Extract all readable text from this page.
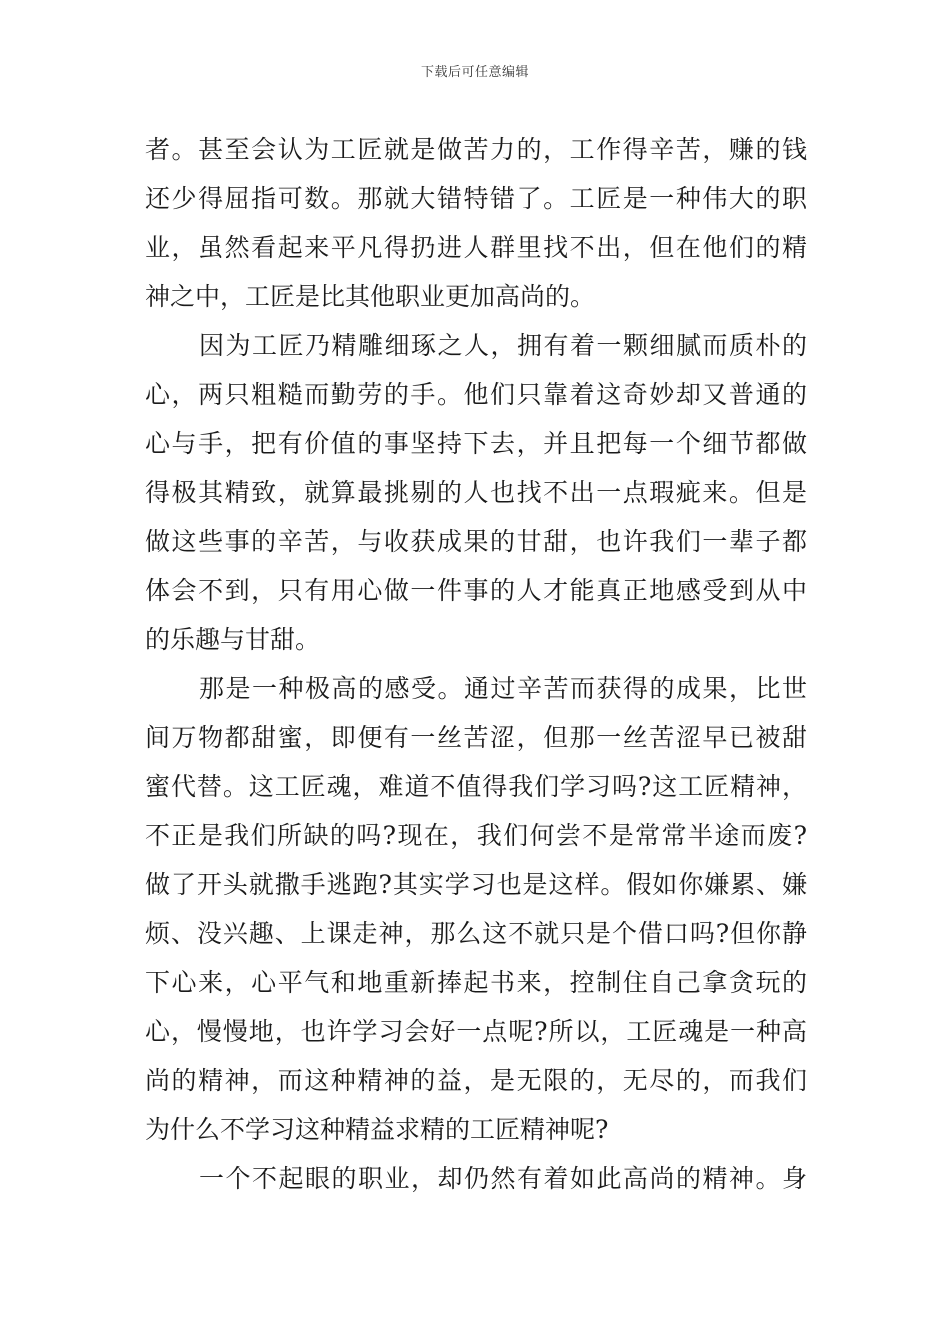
下载后可任意编辑
者。甚至会认为工匠就是做苦力的，工作得辛苦，赚的钱
还少得屈指可数。那就大错特错了。工匠是一种伟大的职
业，虽然看起来平凡得扔进人群里找不出，但在他们的精
神之中，工匠是比其他职业更加高尚的。
因为工匠乃精雕细琢之人，拥有着一颗细腻而质朴的
心，两只粗糙而勤劳的手。他们只靠着这奇妙却又普通的
心与手，把有价值的事坚持下去，并且把每一个细节都做
得极其精致，就算最挑剔的人也找不出一点瑕疵来。但是
做这些事的辛苦，与收获成果的甘甜，也许我们一辈子都
体会不到，只有用心做一件事的人才能真正地感受到从中
的乐趣与甘甜。
那是一种极高的感受。通过辛苦而获得的成果，比世
间万物都甜蜜，即便有一丝苦涩，但那一丝苦涩早已被甜
蜜代替。这工匠魂，难道不值得我们学习吗?这工匠精神，
不正是我们所缺的吗?现在，我们何尝不是常常半途而废?
做了开头就撒手逃跑?其实学习也是这样。假如你嫌累、嫌
烦、没兴趣、上课走神，那么这不就只是个借口吗?但你静
下心来，心平气和地重新捧起书来，控制住自己拿贪玩的
心，慢慢地，也许学习会好一点呢?所以，工匠魂是一种高
尚的精神，而这种精神的益，是无限的，无尽的，而我们
为什么不学习这种精益求精的工匠精神呢?
一个不起眼的职业，却仍然有着如此高尚的精神。身
